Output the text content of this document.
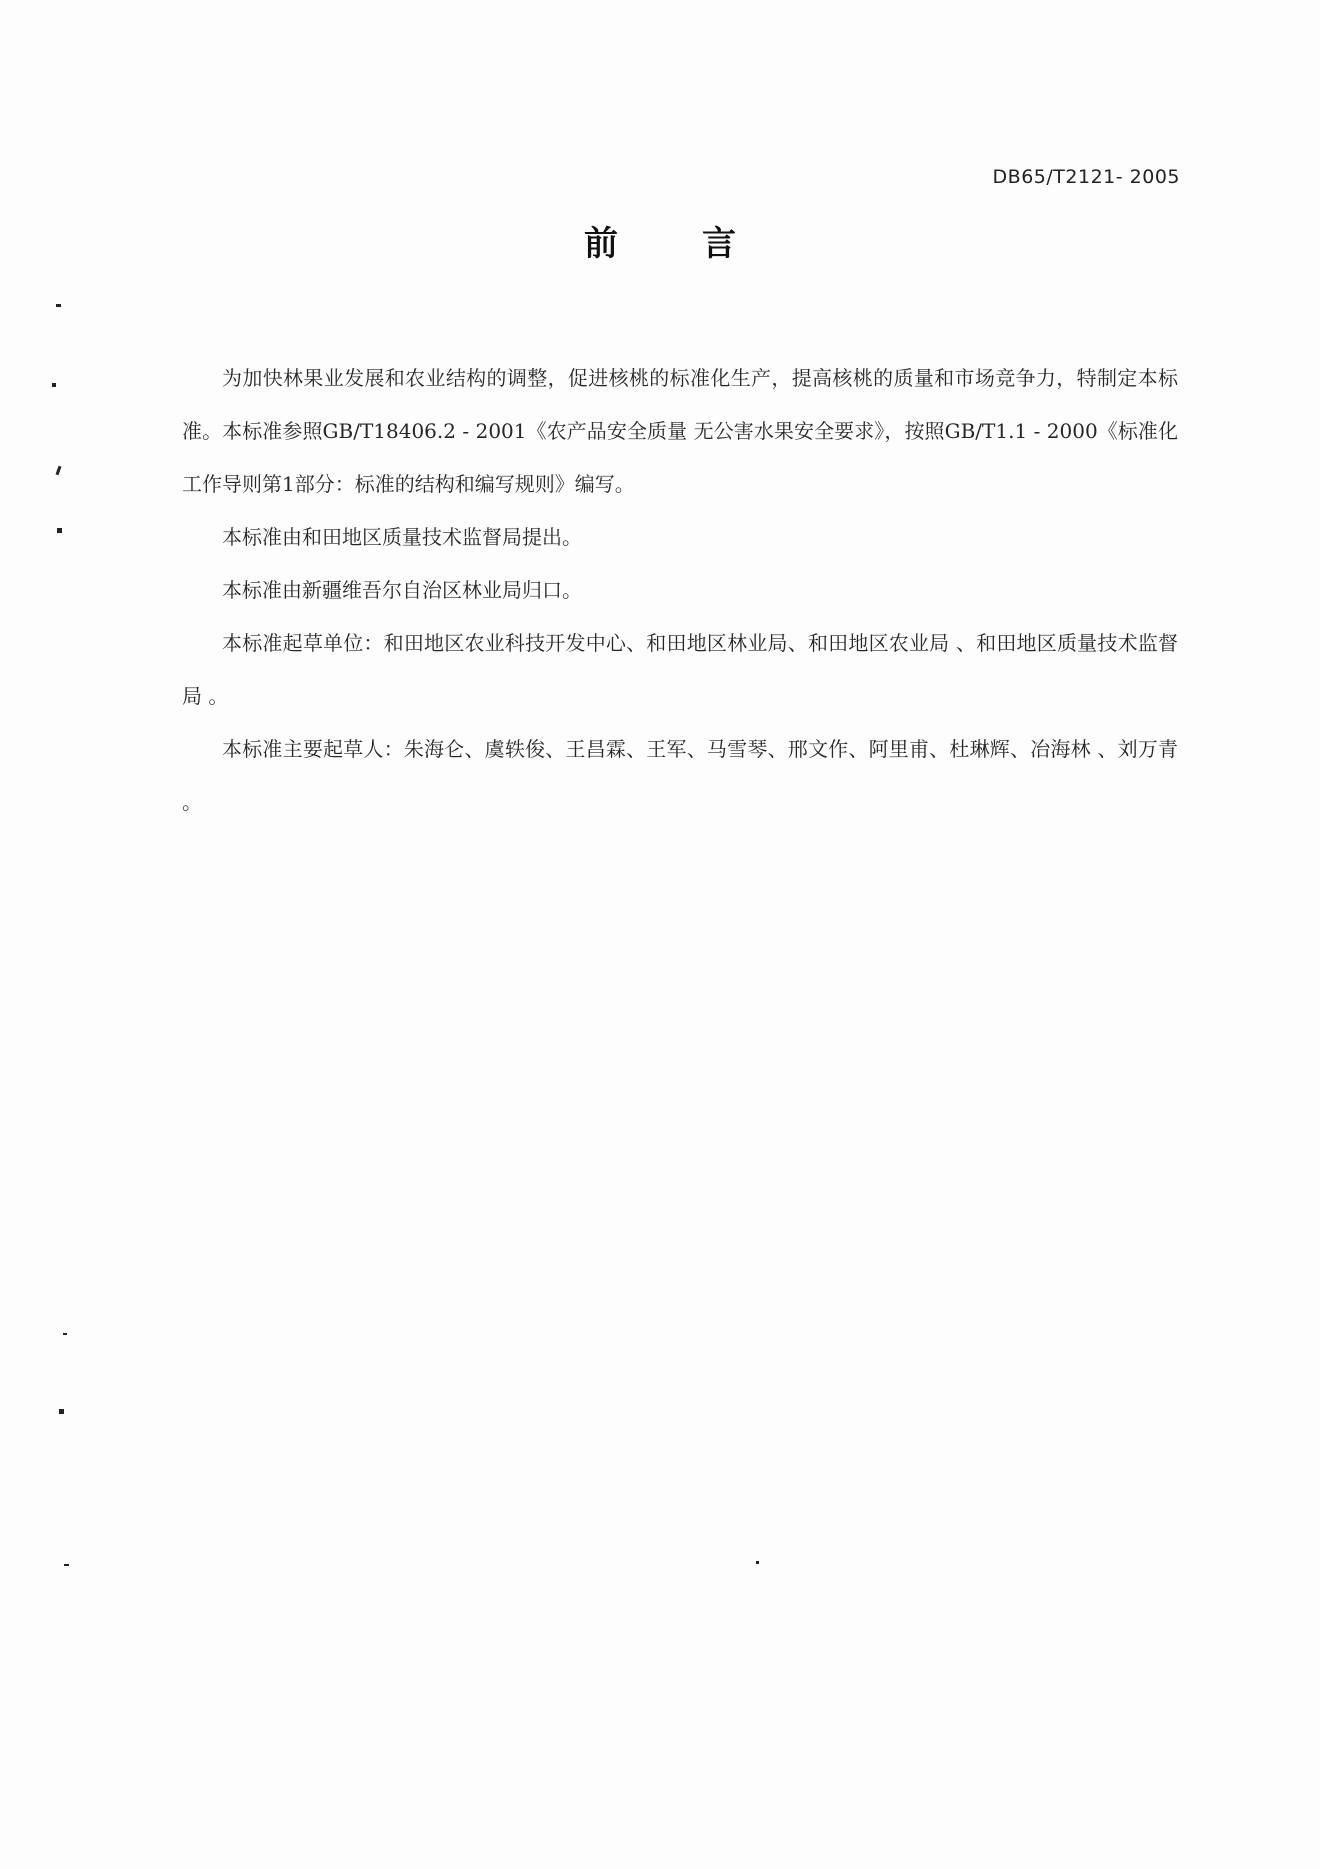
DB65/T2121- 2005
前 言

为加快林果业发展和农业结构的调整，促进核桃的标准化生产，提高核桃的质量和市场竞争力，特制定本标准。本标准参照GB/T18406.2 - 2001《农产品安全质量 无公害水果安全要求》，按照GB/T1.1 - 2000《标准化工作导则第1部分：标准的结构和编写规则》编写。

本标准由和田地区质量技术监督局提出。

本标准由新疆维吾尔自治区林业局归口。

本标准起草单位：和田地区农业科技开发中心、和田地区林业局、和田地区农业局 、和田地区质量技术监督局 。

本标准主要起草人：朱海仑、虞轶俊、王昌霖、王军、马雪琴、邢文作、阿里甫、杜琳辉、冶海林 、刘万青 。
